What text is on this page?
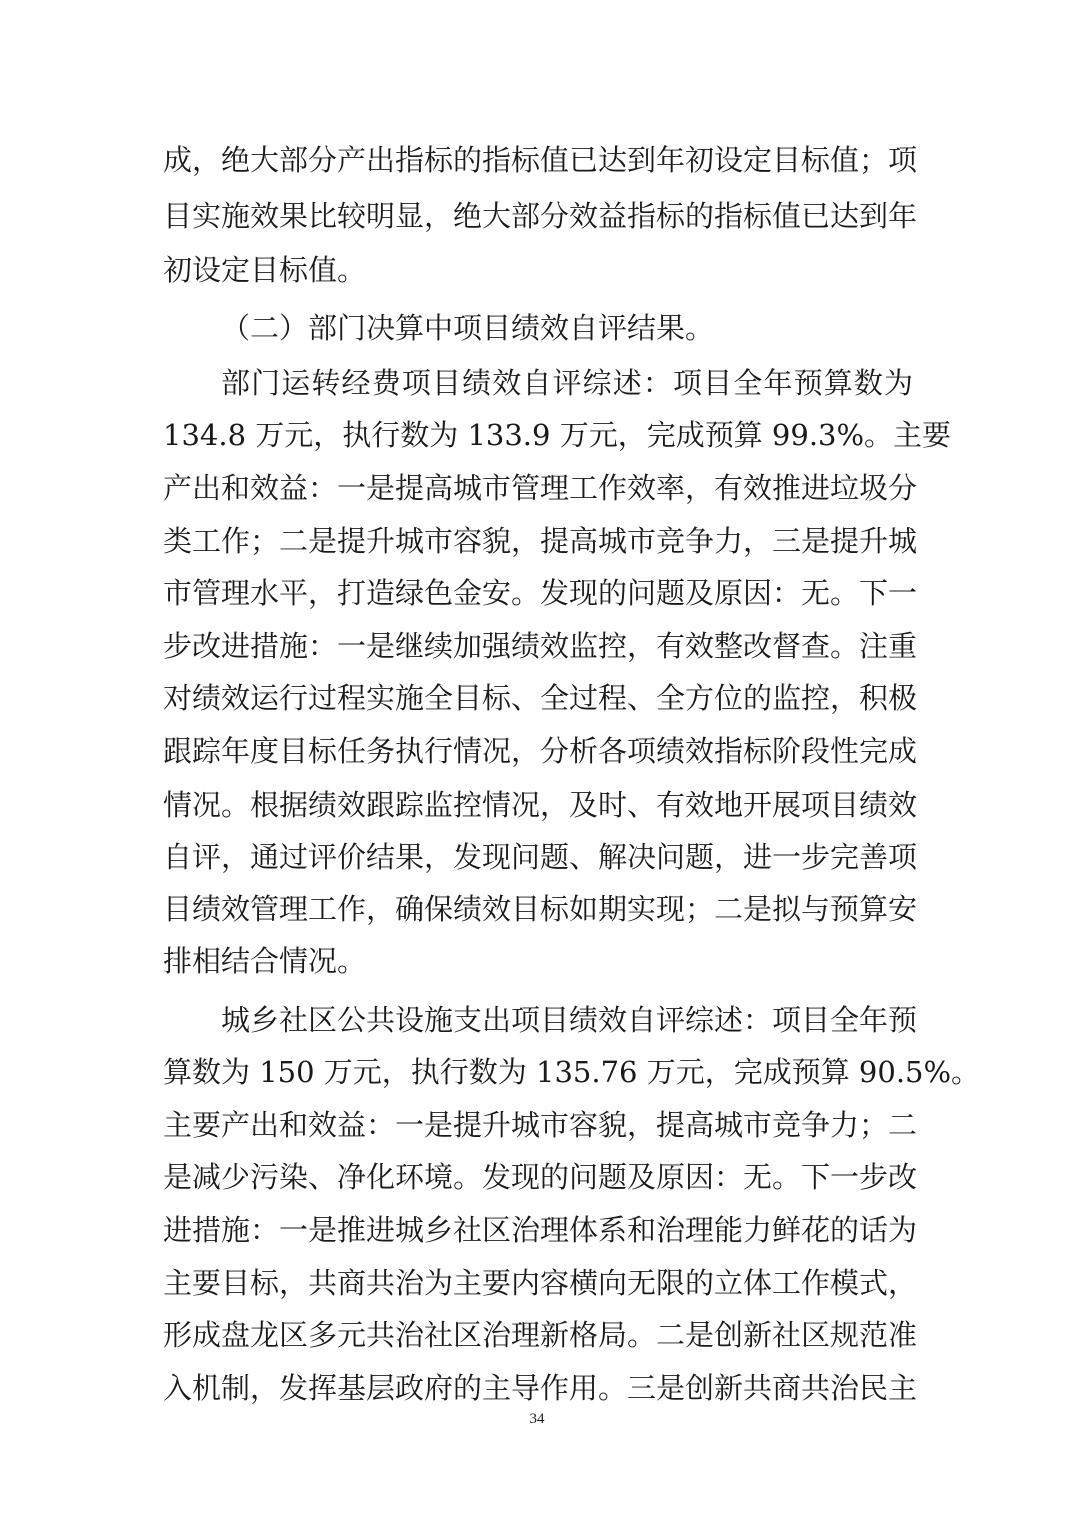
成，绝大部分产出指标的指标值已达到年初设定目标值；项
目实施效果比较明显，绝大部分效益指标的指标值已达到年
初设定目标值。
（二）部门决算中项目绩效自评结果。
部门运转经费项目绩效自评综述：项目全年预算数为
134.8 万元，执行数为 133.9 万元，完成预算 99.3%。主要
产出和效益：一是提高城市管理工作效率，有效推进垃圾分
类工作；二是提升城市容貌，提高城市竞争力，三是提升城
市管理水平，打造绿色金安。发现的问题及原因：无。下一
步改进措施：一是继续加强绩效监控，有效整改督查。注重
对绩效运行过程实施全目标、全过程、全方位的监控，积极
跟踪年度目标任务执行情况，分析各项绩效指标阶段性完成
情况。根据绩效跟踪监控情况，及时、有效地开展项目绩效
自评，通过评价结果，发现问题、解决问题，进一步完善项
目绩效管理工作，确保绩效目标如期实现；二是拟与预算安
排相结合情况。
城乡社区公共设施支出项目绩效自评综述：项目全年预
算数为 150 万元，执行数为 135.76 万元，完成预算 90.5%。
主要产出和效益：一是提升城市容貌，提高城市竞争力；二
是减少污染、净化环境。发现的问题及原因：无。下一步改
进措施：一是推进城乡社区治理体系和治理能力鲜花的话为
主要目标，共商共治为主要内容横向无限的立体工作模式，
形成盘龙区多元共治社区治理新格局。二是创新社区规范准
入机制，发挥基层政府的主导作用。三是创新共商共治民主
34
